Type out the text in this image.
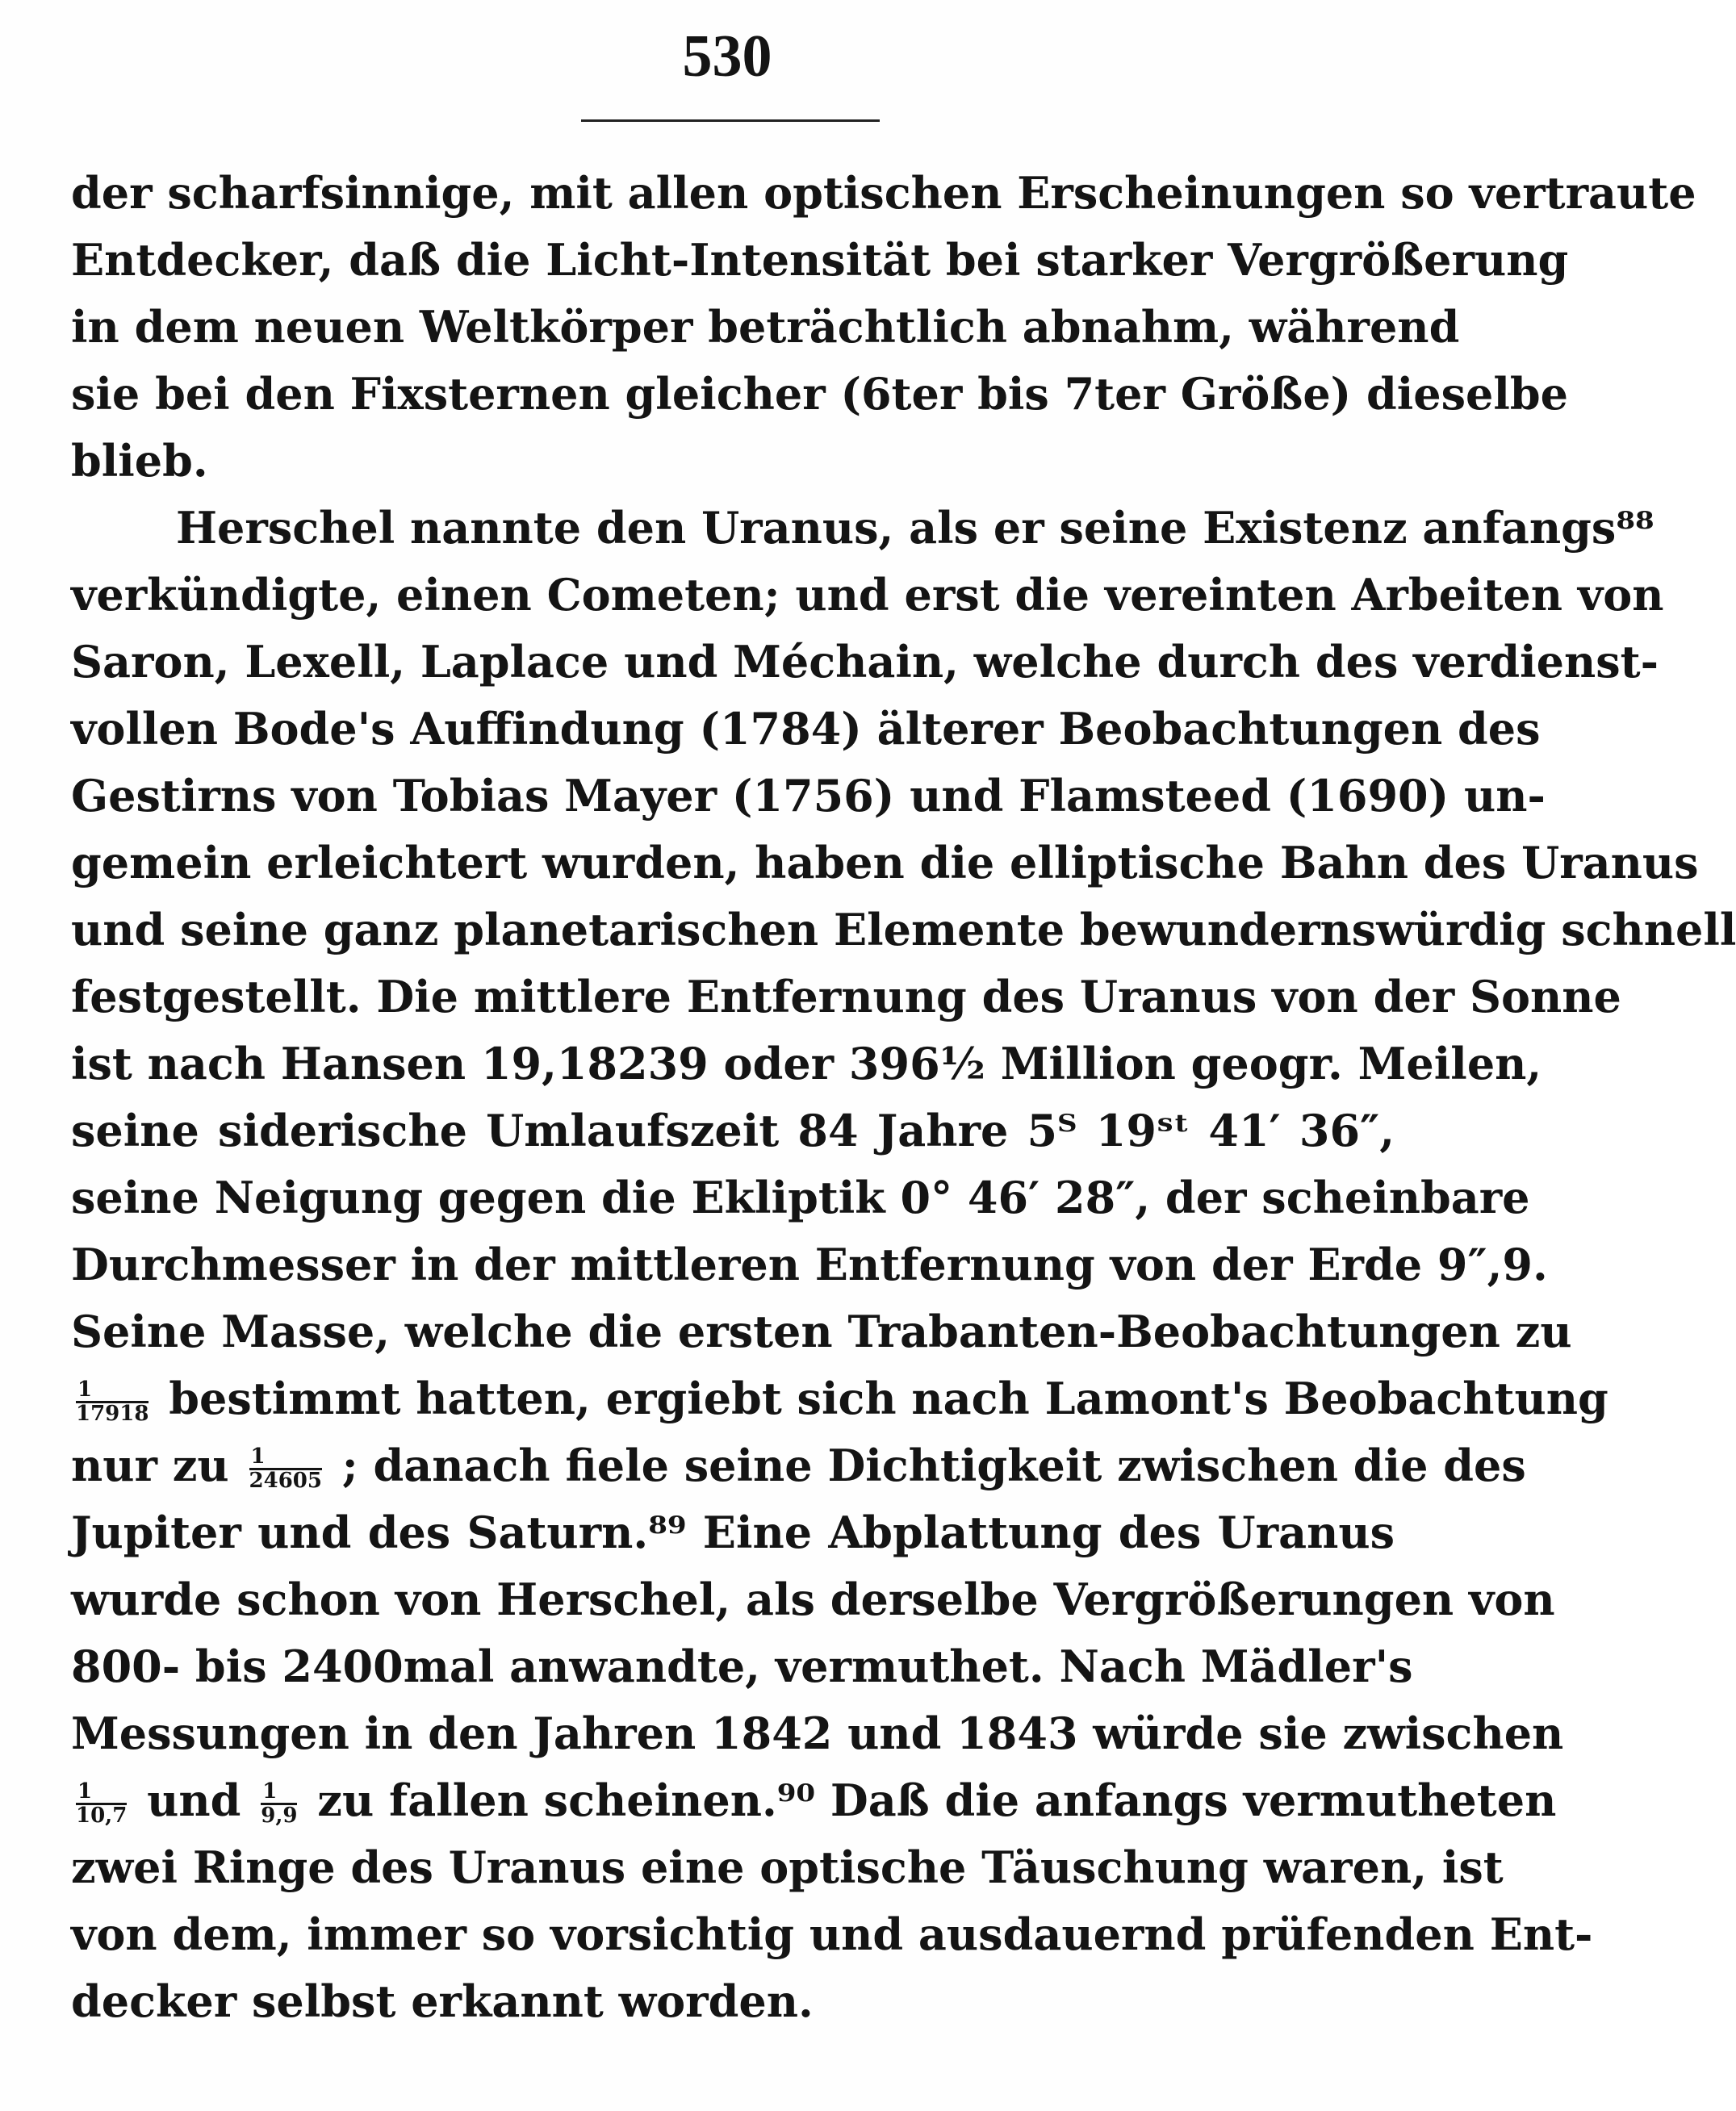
530
der scharfsinnige, mit allen optischen Erscheinungen so vertraute
Entdecker, daß die Licht-Intensität bei starker Vergrößerung
in dem neuen Weltkörper beträchtlich abnahm, während
sie bei den Fixsternen gleicher (6ter bis 7ter Größe) dieselbe
blieb.
Herschel nannte den Uranus, als er seine Existenz anfangs⁸⁸
verkündigte, einen Cometen; und erst die vereinten Arbeiten von
Saron, Lexell, Laplace und Méchain, welche durch des verdienst-
vollen Bode's Auffindung (1784) älterer Beobachtungen des
Gestirns von Tobias Mayer (1756) und Flamsteed (1690) un-
gemein erleichtert wurden, haben die elliptische Bahn des Uranus
und seine ganz planetarischen Elemente bewundernswürdig schnell
festgestellt. Die mittlere Entfernung des Uranus von der Sonne
ist nach Hansen 19,18239 oder 396½ Million geogr. Meilen,
seine siderische Umlaufszeit 84 Jahre 5ᵀ 19ˢᵗ 41′ 36″,
seine Neigung gegen die Ekliptik 0° 46′ 28″, der scheinbare
Durchmesser in der mittleren Entfernung von der Erde 9″,9.
Seine Masse, welche die ersten Trabanten-Beobachtungen zu
$\frac{1}{17918}$ bestimmt hatten, ergiebt sich nach Lamont's Beobachtung
nur zu $\frac{1}{24605}$ ; danach fiele seine Dichtigkeit zwischen die des
Jupiter und des Saturn.⁸⁹ Eine Abplattung des Uranus
wurde schon von Herschel, als derselbe Vergrößerungen von
800- bis 2400mal anwandte, vermuthet. Nach Mädler's
Messungen in den Jahren 1842 und 1843 würde sie zwischen
$\frac{1}{10,7}$ und $\frac{1}{9,9}$ zu fallen scheinen.⁹⁰ Daß die anfangs vermutheten
zwei Ringe des Uranus eine optische Täuschung waren, ist
von dem, immer so vorsichtig und ausdauernd prüfenden Ent-
decker selbst erkannt worden.
